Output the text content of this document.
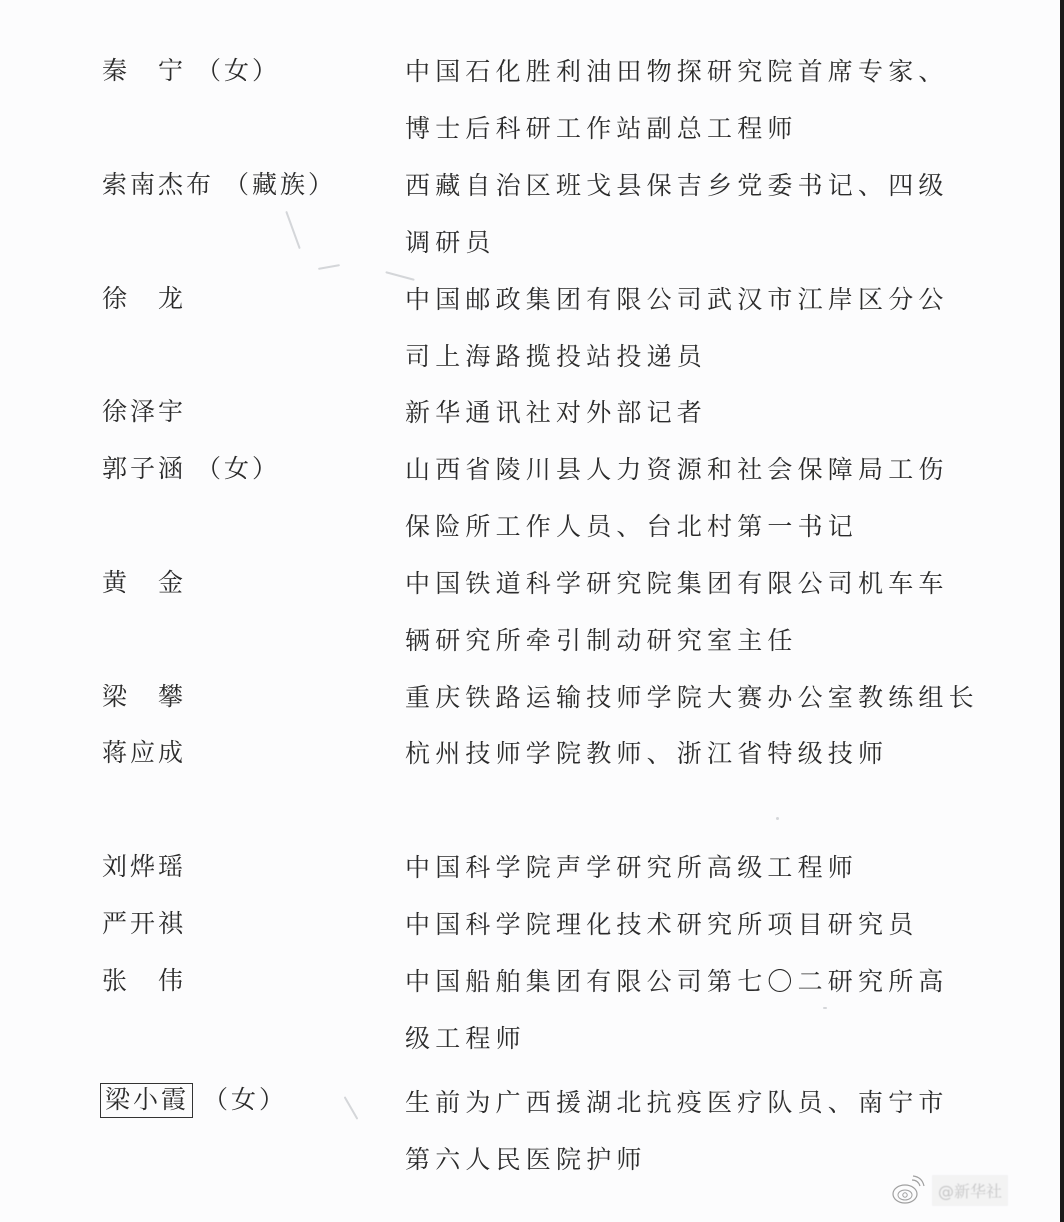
秦　宁 （女）	中国石化胜利油田物探研究院首席专家、
博士后科研工作站副总工程师
索南杰布 （藏族）	西藏自治区班戈县保吉乡党委书记、四级
调研员
徐　龙	中国邮政集团有限公司武汉市江岸区分公
司上海路揽投站投递员
徐泽宇	新华通讯社对外部记者
郭子涵 （女）	山西省陵川县人力资源和社会保障局工伤
保险所工作人员、台北村第一书记
黄　金	中国铁道科学研究院集团有限公司机车车
辆研究所牵引制动研究室主任
梁　攀	重庆铁路运输技师学院大赛办公室教练组长
蒋应成	杭州技师学院教师、浙江省特级技师
刘烨瑶	中国科学院声学研究所高级工程师
严开祺	中国科学院理化技术研究所项目研究员
张　伟	中国船舶集团有限公司第七〇二研究所高
级工程师
梁小霞 （女）	生前为广西援湖北抗疫医疗队员、南宁市
第六人民医院护师
@新华社
